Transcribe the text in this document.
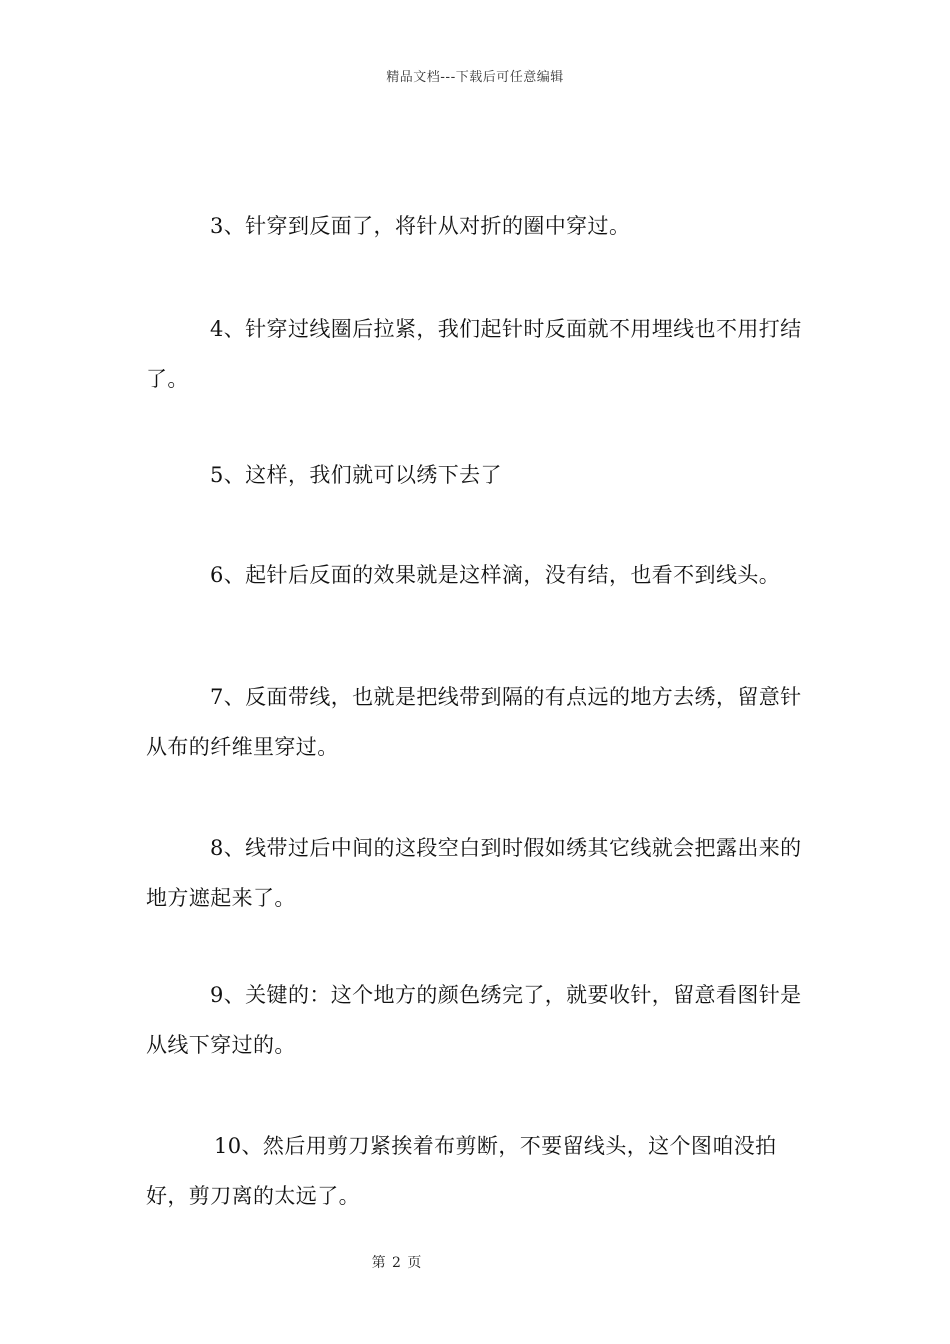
精品文档---下载后可任意编辑

3、针穿到反面了，将针从对折的圈中穿过。

4、针穿过线圈后拉紧，我们起针时反面就不用埋线也不用打结了。

5、这样，我们就可以绣下去了

6、起针后反面的效果就是这样滴，没有结，也看不到线头。

7、反面带线，也就是把线带到隔的有点远的地方去绣，留意针从布的纤维里穿过。

8、线带过后中间的这段空白到时假如绣其它线就会把露出来的地方遮起来了。

9、关键的：这个地方的颜色绣完了，就要收针，留意看图针是从线下穿过的。

10、然后用剪刀紧挨着布剪断，不要留线头，这个图咱没拍好，剪刀离的太远了。

第 2 页
